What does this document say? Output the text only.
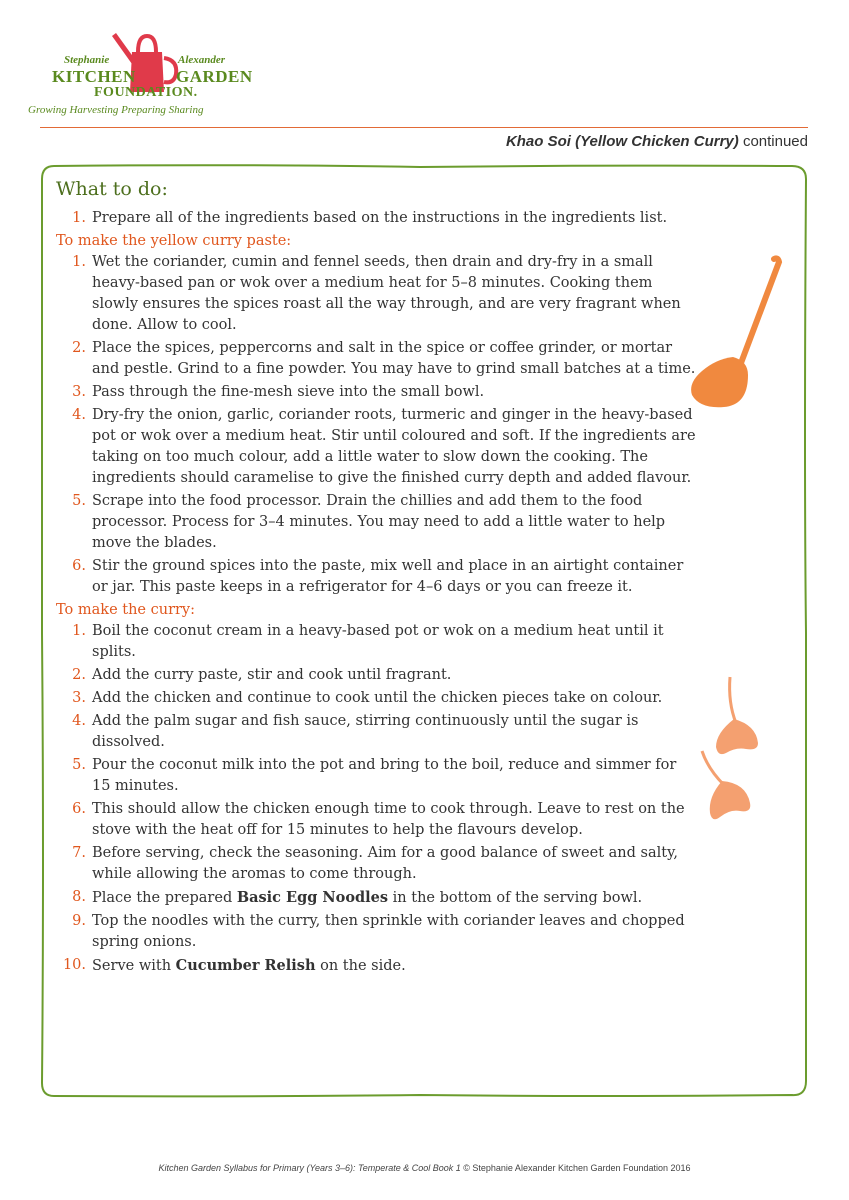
Stephanie	Alexander
KITCHEN GARDEN
FOUNDATION.
Growing Harvesting Preparing Sharing
Khao Soi (Yellow Chicken Curry) continued
What to do:
1. Prepare all of the ingredients based on the instructions in the ingredients list.

To make the yellow curry paste:

1. Wet the coriander, cumin and fennel seeds, then drain and dry-fry in a small heavy-based pan or wok over a medium heat for 5–8 minutes. Cooking them slowly ensures the spices roast all the way through, and are very fragrant when done. Allow to cool.
2. Place the spices, peppercorns and salt in the spice or coffee grinder, or mortar and pestle. Grind to a fine powder. You may have to grind small batches at a time.
3. Pass through the fine-mesh sieve into the small bowl.
4. Dry-fry the onion, garlic, coriander roots, turmeric and ginger in the heavy-based pot or wok over a medium heat. Stir until coloured and soft. If the ingredients are taking on too much colour, add a little water to slow down the cooking. The ingredients should caramelise to give the finished curry depth and added flavour.
5. Scrape into the food processor. Drain the chillies and add them to the food processor. Process for 3–4 minutes. You may need to add a little water to help move the blades.
6. Stir the ground spices into the paste, mix well and place in an airtight container or jar. This paste keeps in a refrigerator for 4–6 days or you can freeze it.

To make the curry:

1. Boil the coconut cream in a heavy-based pot or wok on a medium heat until it splits.
2. Add the curry paste, stir and cook until fragrant.
3. Add the chicken and continue to cook until the chicken pieces take on colour.
4. Add the palm sugar and fish sauce, stirring continuously until the sugar is dissolved.
5. Pour the coconut milk into the pot and bring to the boil, reduce and simmer for 15 minutes.
6. This should allow the chicken enough time to cook through. Leave to rest on the stove with the heat off for 15 minutes to help the flavours develop.
7. Before serving, check the seasoning. Aim for a good balance of sweet and salty, while allowing the aromas to come through.
8. Place the prepared Basic Egg Noodles in the bottom of the serving bowl.
9. Top the noodles with the curry, then sprinkle with coriander leaves and chopped spring onions.
10. Serve with Cucumber Relish on the side.
Kitchen Garden Syllabus for Primary (Years 3–6): Temperate & Cool Book 1 © Stephanie Alexander Kitchen Garden Foundation 2016
